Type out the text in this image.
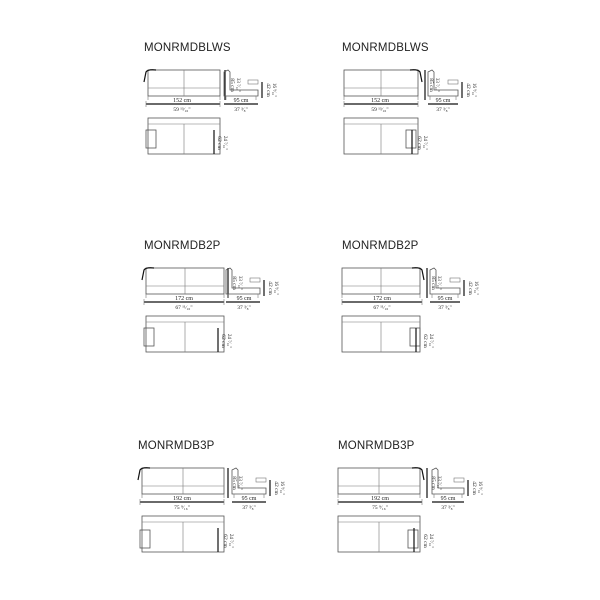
MONRMDBLWS
152 cm
59 ¹³⁄₁₆"
85 cm 33 ⁷⁄₁₆"
95 cm
37 ³⁄₈"
42 cm 16 ⁹⁄₁₆"
62 cm 24 ⁷⁄₁₆"
MONRMDBLWS
152 cm
59 ¹³⁄₁₆"
85 cm 33 ⁷⁄₁₆"
95 cm
37 ³⁄₈"
42 cm 16 ⁹⁄₁₆"
62 cm 24 ⁷⁄₁₆"
MONRMDB2P
172 cm
67 ¹¹⁄₁₆"
85 cm 33 ⁷⁄₁₆"
95 cm
37 ³⁄₈"
42 cm 16 ⁹⁄₁₆"
62 cm 24 ⁷⁄₁₆"
MONRMDB2P
172 cm
67 ¹¹⁄₁₆"
85 cm 33 ⁷⁄₁₆"
95 cm
37 ³⁄₈"
42 cm 16 ⁹⁄₁₆"
62 cm 24 ⁷⁄₁₆"
MONRMDB3P
192 cm
75 ⁹⁄₁₆"
85 cm 33 ⁷⁄₁₆"
95 cm
37 ³⁄₈"
42 cm 16 ⁹⁄₁₆"
62 cm 24 ⁷⁄₁₆"
MONRMDB3P
192 cm
75 ⁹⁄₁₆"
85 cm 33 ⁷⁄₁₆"
95 cm
37 ³⁄₈"
42 cm 16 ⁹⁄₁₆"
62 cm 24 ⁷⁄₁₆"
